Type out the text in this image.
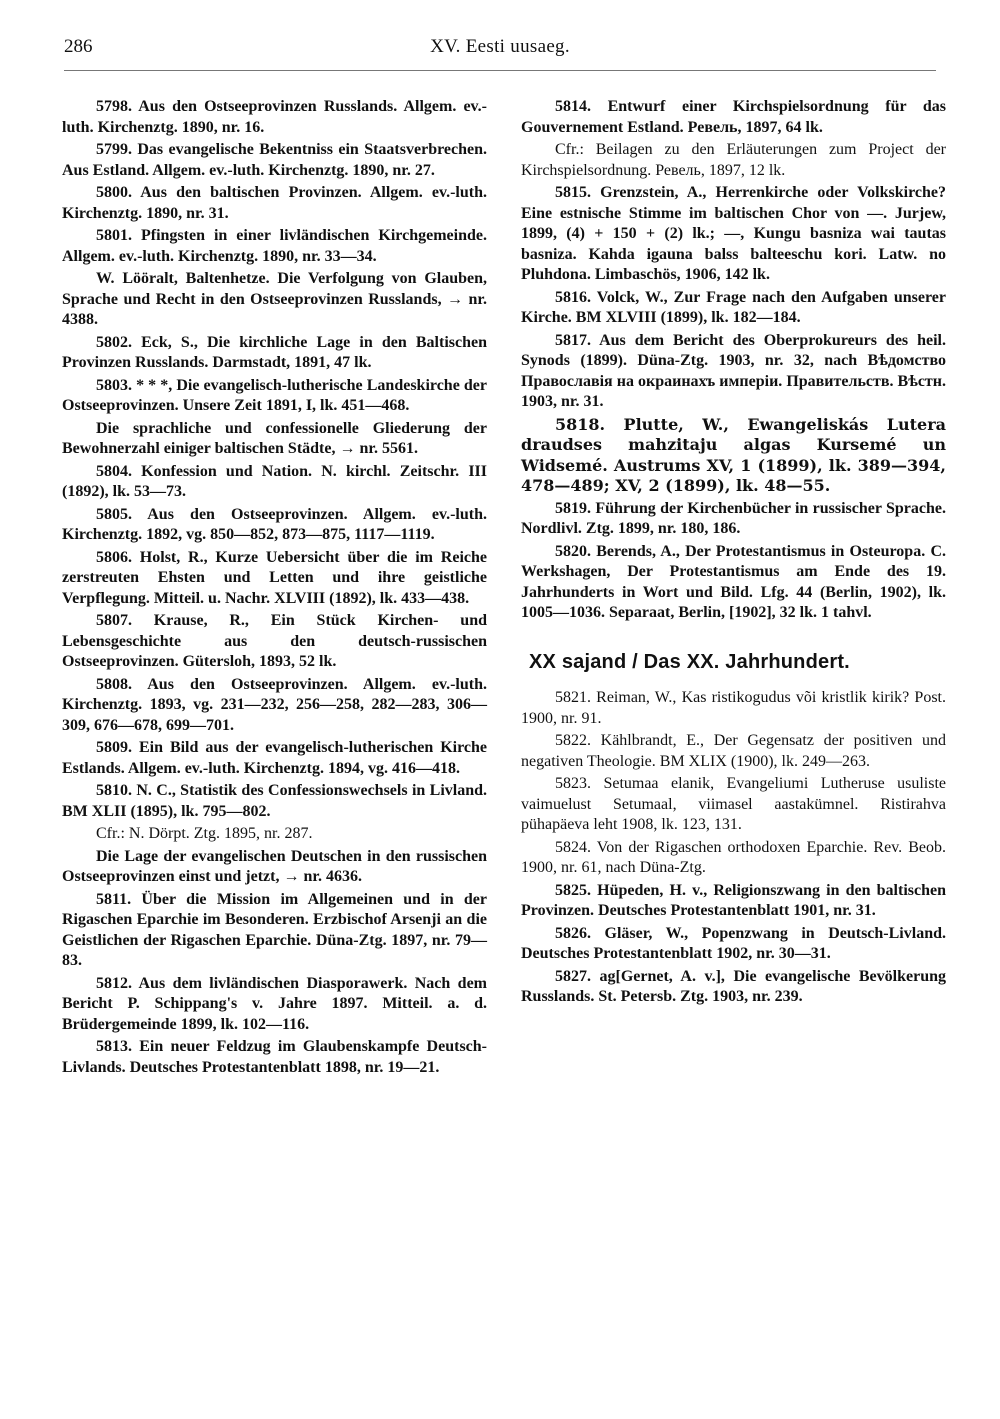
286	XV. Eesti uusaeg.

5798. Aus den Ostseeprovinzen Russlands. Allgem. ev.-luth. Kirchenztg. 1890, nr. 16.

5799. Das evangelische Bekentniss ein Staatsverbrechen. Aus Estland. Allgem. ev.-luth. Kirchenztg. 1890, nr. 27.

5800. Aus den baltischen Provinzen. Allgem. ev.-luth. Kirchenztg. 1890, nr. 31.

5801. Pfingsten in einer livländischen Kirchgemeinde. Allgem. ev.-luth. Kirchenztg. 1890, nr. 33—34.

W. Lööralt, Baltenhetze. Die Verfolgung von Glauben, Sprache und Recht in den Ostseeprovinzen Russlands, → nr. 4388.

5802. Eck, S., Die kirchliche Lage in den Baltischen Provinzen Russlands. Darmstadt, 1891, 47 lk.

5803. * * *, Die evangelisch-lutherische Landeskirche der Ostseeprovinzen. Unsere Zeit 1891, I, lk. 451—468.

Die sprachliche und confessionelle Gliederung der Bewohnerzahl einiger baltischen Städte, → nr. 5561.

5804. Konfession und Nation. N. kirchl. Zeitschr. III (1892), lk. 53—73.

5805. Aus den Ostseeprovinzen. Allgem. ev.-luth. Kirchenztg. 1892, vg. 850—852, 873—875, 1117—1119.

5806. Holst, R., Kurze Uebersicht über die im Reiche zerstreuten Ehsten und Letten und ihre geistliche Verpflegung. Mitteil. u. Nachr. XLVIII (1892), lk. 433—438.

5807. Krause, R., Ein Stück Kirchen- und Lebensgeschichte aus den deutsch-russischen Ostseeprovinzen. Gütersloh, 1893, 52 lk.

5808. Aus den Ostseeprovinzen. Allgem. ev.-luth. Kirchenztg. 1893, vg. 231—232, 256—258, 282—283, 306—309, 676—678, 699—701.

5809. Ein Bild aus der evangelisch-lutherischen Kirche Estlands. Allgem. ev.-luth. Kirchenztg. 1894, vg. 416—418.

5810. N. C., Statistik des Confessionswechsels in Livland. BM XLII (1895), lk. 795—802.

Cfr.: N. Dörpt. Ztg. 1895, nr. 287.

Die Lage der evangelischen Deutschen in den russischen Ostseeprovinzen einst und jetzt, → nr. 4636.

5811. Über die Mission im Allgemeinen und in der Rigaschen Eparchie im Besonderen. Erzbischof Arsenji an die Geistlichen der Rigaschen Eparchie. Düna-Ztg. 1897, nr. 79—83.

5812. Aus dem livländischen Diasporawerk. Nach dem Bericht P. Schippang's v. Jahre 1897. Mitteil. a. d. Brüdergemeinde 1899, lk. 102—116.

5813. Ein neuer Feldzug im Glaubenskampfe Deutsch-Livlands. Deutsches Protestantenblatt 1898, nr. 19—21.

5814. Entwurf einer Kirchspielsordnung für das Gouvernement Estland. Ревель, 1897, 64 lk.

Cfr.: Beilagen zu den Erläuterungen zum Project der Kirchspielsordnung. Ревель, 1897, 12 lk.

5815. Grenzstein, A., Herrenkirche oder Volkskirche? Eine estnische Stimme im baltischen Chor von —. Jurjew, 1899, (4) + 150 + (2) lk.; —, Kungu basniza wai tautas basniza. Kahda igauna balss balteeschu kori. Latw. no Pluhdona. Limbaschös, 1906, 142 lk.

5816. Volck, W., Zur Frage nach den Aufgaben unserer Kirche. BM XLVIII (1899), lk. 182—184.

5817. Aus dem Bericht des Oberprokureurs des heil. Synods (1899). Düna-Ztg. 1903, nr. 32, nach Вѣдомство Православія на окраинахъ имперіи. Правительств. Вѣстн. 1903, nr. 31.

5818. Plutte, W., Ewangeliskás Lutera draudses mahzitaju algas Kursemé un Widsemé. Austrums XV, 1 (1899), lk. 389—394, 478—489; XV, 2 (1899), lk. 48—55.

5819. Führung der Kirchenbücher in russischer Sprache. Nordlivl. Ztg. 1899, nr. 180, 186.

5820. Berends, A., Der Protestantismus in Osteuropa. C. Werkshagen, Der Protestantismus am Ende des 19. Jahrhunderts in Wort und Bild. Lfg. 44 (Berlin, 1902), lk. 1005—1036. Separaat, Berlin, [1902], 32 lk. 1 tahvl.

XX sajand / Das XX. Jahrhundert.

5821. Reiman, W., Kas ristikogudus või kristlik kirik? Post. 1900, nr. 91.

5822. Kählbrandt, E., Der Gegensatz der positiven und negativen Theologie. BM XLIX (1900), lk. 249—263.

5823. Setumaa elanik, Evangeliumi Lutheruse usuliste vaimuelust Setumaal, viimasel aastakümnel. Ristirahva pühapäeva leht 1908, lk. 123, 131.

5824. Von der Rigaschen orthodoxen Eparchie. Rev. Beob. 1900, nr. 61, nach Düna-Ztg.

5825. Hüpeden, H. v., Religionszwang in den baltischen Provinzen. Deutsches Protestantenblatt 1901, nr. 31.

5826. Gläser, W., Popenzwang in Deutsch-Livland. Deutsches Protestantenblatt 1902, nr. 30—31.

5827. ag[Gernet, A. v.], Die evangelische Bevölkerung Russlands. St. Petersb. Ztg. 1903, nr. 239.
